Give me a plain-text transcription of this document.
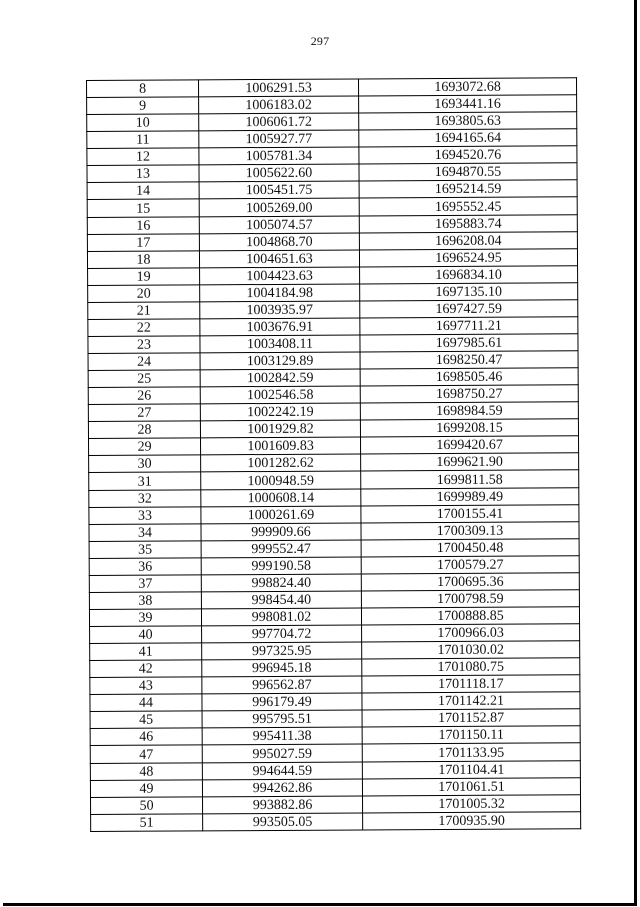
297
8	1006291.53	1693072.68
9	1006183.02	1693441.16
10	1006061.72	1693805.63
11	1005927.77	1694165.64
12	1005781.34	1694520.76
13	1005622.60	1694870.55
14	1005451.75	1695214.59
15	1005269.00	1695552.45
16	1005074.57	1695883.74
17	1004868.70	1696208.04
18	1004651.63	1696524.95
19	1004423.63	1696834.10
20	1004184.98	1697135.10
21	1003935.97	1697427.59
22	1003676.91	1697711.21
23	1003408.11	1697985.61
24	1003129.89	1698250.47
25	1002842.59	1698505.46
26	1002546.58	1698750.27
27	1002242.19	1698984.59
28	1001929.82	1699208.15
29	1001609.83	1699420.67
30	1001282.62	1699621.90
31	1000948.59	1699811.58
32	1000608.14	1699989.49
33	1000261.69	1700155.41
34	999909.66	1700309.13
35	999552.47	1700450.48
36	999190.58	1700579.27
37	998824.40	1700695.36
38	998454.40	1700798.59
39	998081.02	1700888.85
40	997704.72	1700966.03
41	997325.95	1701030.02
42	996945.18	1701080.75
43	996562.87	1701118.17
44	996179.49	1701142.21
45	995795.51	1701152.87
46	995411.38	1701150.11
47	995027.59	1701133.95
48	994644.59	1701104.41
49	994262.86	1701061.51
50	993882.86	1701005.32
51	993505.05	1700935.90
